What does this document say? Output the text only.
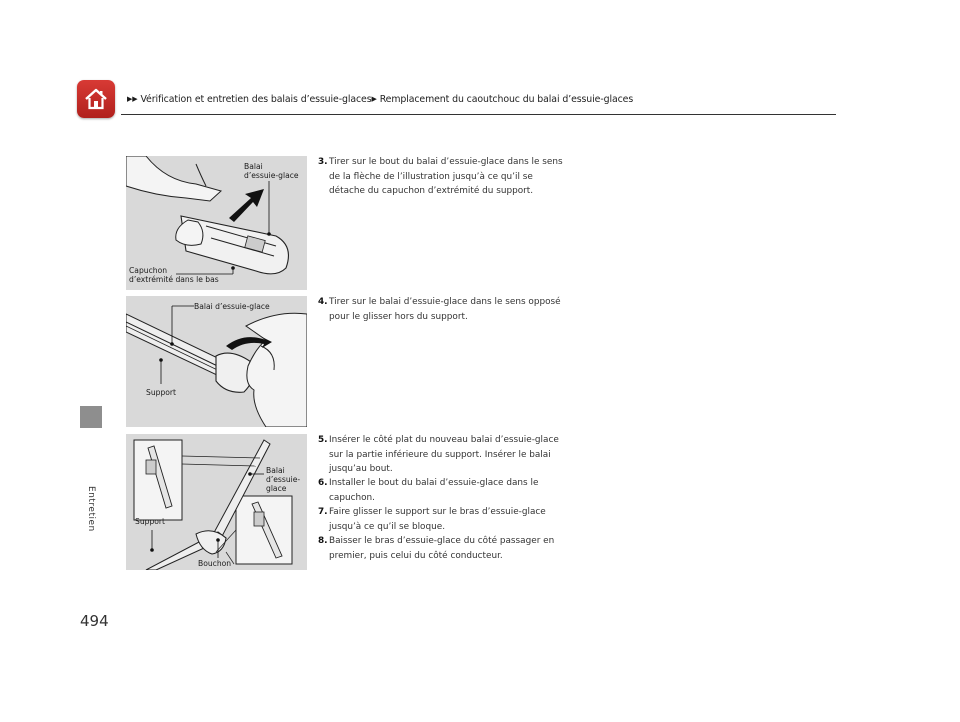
▶▶ Vérification et entretien des balais d’essuie-glaces▶ Remplacement du caoutchouc du balai d’essuie-glaces
Entretien
494
Balai
d’essuie-glace
Capuchon
d’extrémité dans le bas
Balai d’essuie-glace
Support
Balai
d’essuie-
glace
Support
Bouchon
3. Tirer sur le bout du balai d’essuie-glace dans le sens de la flèche de l’illustration jusqu’à ce qu’il se détache du capuchon d’extrémité du support.
4. Tirer sur le balai d’essuie-glace dans le sens opposé pour le glisser hors du support.
5. Insérer le côté plat du nouveau balai d’essuie-glace sur la partie inférieure du support. Insérer le balai jusqu’au bout.
6. Installer le bout du balai d’essuie-glace dans le capuchon.
7. Faire glisser le support sur le bras d’essuie-glace jusqu’à ce qu’il se bloque.
8. Baisser le bras d’essuie-glace du côté passager en premier, puis celui du côté conducteur.
